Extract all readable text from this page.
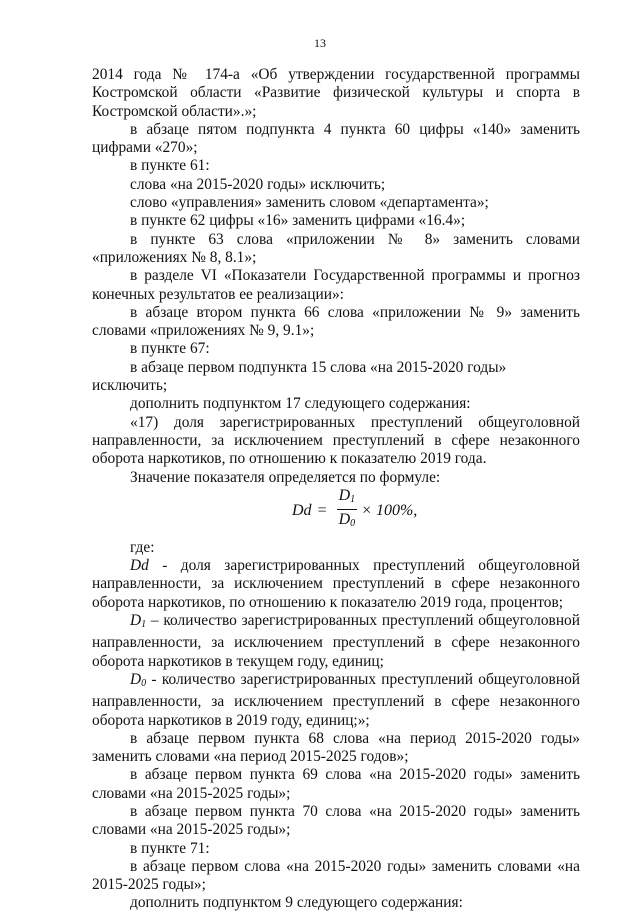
13

2014 года № 174-а «Об утверждении государственной программы

Костромской области «Развитие физической культуры и спорта в

Костромской области».»;

в абзаце пятом подпункта 4 пункта 60 цифры «140» заменить

цифрами «270»;

в пункте 61:

слова «на 2015-2020 годы» исключить;

слово «управления» заменить словом «департамента»;

в пункте 62 цифры «16» заменить цифрами «16.4»;

в пункте 63 слова «приложении № 8» заменить словами

«приложениях № 8, 8.1»;

в разделе VI «Показатели Государственной программы и прогноз

конечных результатов ее реализации»:

в абзаце втором пункта 66 слова «приложении № 9» заменить

словами «приложениях № 9, 9.1»;

в пункте 67:

в абзаце первом подпункта 15 слова «на 2015-2020 годы» исключить;

дополнить подпунктом 17 следующего содержания:

«17) доля зарегистрированных преступлений общеуголовной

направленности, за исключением преступлений в сфере незаконного

оборота наркотиков, по отношению к показателю 2019 года.

Значение показателя определяется по формуле:

$Dd = \frac{D_1}{D_0} \times 100\%$,

где:

Dd - доля зарегистрированных преступлений общеуголовной

направленности, за исключением преступлений в сфере незаконного

оборота наркотиков, по отношению к показателю 2019 года, процентов;

$D_1$ – количество зарегистрированных преступлений общеуголовной

направленности, за исключением преступлений в сфере незаконного

оборота наркотиков в текущем году, единиц;

$D_0$ - количество зарегистрированных преступлений общеуголовной

направленности, за исключением преступлений в сфере незаконного

оборота наркотиков в 2019 году, единиц;»;

в абзаце первом пункта 68 слова «на период 2015-2020 годы»

заменить словами «на период 2015-2025 годов»;

в абзаце первом пункта 69 слова «на 2015-2020 годы» заменить

словами «на 2015-2025 годы»;

в абзаце первом пункта 70 слова «на 2015-2020 годы» заменить

словами «на 2015-2025 годы»;

в пункте 71:

в абзаце первом слова «на 2015-2020 годы» заменить словами «на

2015-2025 годы»;

дополнить подпунктом 9 следующего содержания:
